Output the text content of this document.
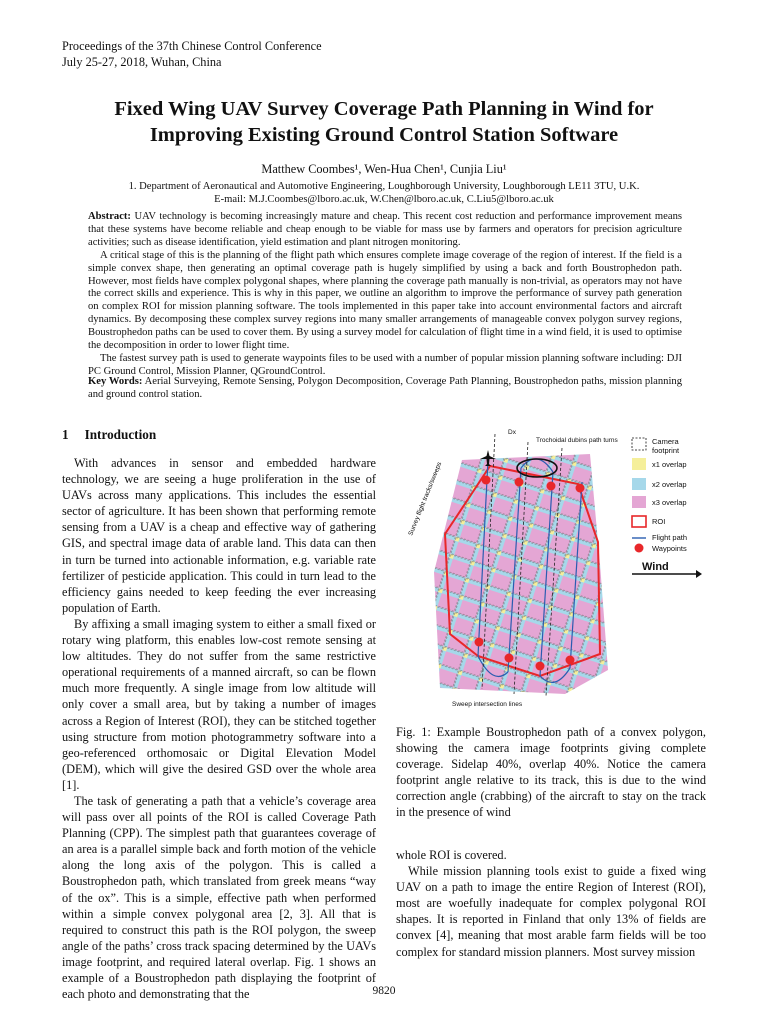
Proceedings of the 37th Chinese Control Conference
July 25-27, 2018, Wuhan, China
Fixed Wing UAV Survey Coverage Path Planning in Wind for
Improving Existing Ground Control Station Software
Matthew Coombes¹, Wen-Hua Chen¹, Cunjia Liu¹
1. Department of Aeronautical and Automotive Engineering, Loughborough University, Loughborough LE11 3TU, U.K.
E-mail: M.J.Coombes@lboro.ac.uk, W.Chen@lboro.ac.uk, C.Liu5@lboro.ac.uk

Abstract: UAV technology is becoming increasingly mature and cheap. This recent cost reduction and performance improvement means that these systems have become reliable and cheap enough to be viable for mass use by farmers and operators for precision agriculture activities; such as disease identification, yield estimation and plant nitrogen monitoring.

A critical stage of this is the planning of the flight path which ensures complete image coverage of the region of interest. If the field is a simple convex shape, then generating an optimal coverage path is hugely simplified by using a back and forth Boustrophedon path. However, most fields have complex polygonal shapes, where planning the coverage path manually is non-trivial, as operators may not have the correct skills and experience. This is why in this paper, we outline an algorithm to improve the performance of survey path generation on complex ROI for mission planning software. The tools implemented in this paper take into account environmental factors and aircraft dynamics. By decomposing these complex survey regions into many smaller arrangements of manageable convex polygon survey regions, Boustrophedon paths can be used to cover them. By using a survey model for calculation of flight time in a wind field, it is used to optimise the decomposition in order to lower flight time.

The fastest survey path is used to generate waypoints files to be used with a number of popular mission planning software including: DJI PC Ground Control, Mission Planner, QGroundControl.

Key Words: Aerial Surveying, Remote Sensing, Polygon Decomposition, Coverage Path Planning, Boustrophedon paths, mission planning and ground control station.
1 Introduction

With advances in sensor and embedded hardware technology, we are seeing a huge proliferation in the use of UAVs across many applications. This includes the essential sector of agriculture. It has been shown that performing remote sensing from a UAV is a cheap and effective way of gathering GIS, and spectral image data of arable land. This data can then in turn be turned into actionable information, e.g. variable rate fertilizer of pesticide application. This could in turn lead to the efficiency gains needed to keep feeding the ever increasing population of Earth.

By affixing a small imaging system to either a small fixed or rotary wing platform, this enables low-cost remote sensing at low altitudes. They do not suffer from the same restrictive operational requirements of a manned aircraft, so can be flown much more frequently. A single image from low altitude will only cover a small area, but by taking a number of images across a Region of Interest (ROI), they can be stitched together using structure from motion photogrammetry software into a geo-referenced orthomosaic or Digital Elevation Model (DEM), which will give the desired GSD over the whole area [1].

The task of generating a path that a vehicle’s coverage area will pass over all points of the ROI is called Coverage Path Planning (CPP). The simplest path that guarantees coverage of an area is a parallel simple back and forth motion of the vehicle along the long axis of the polygon. This is called a Boustrophedon path, which translated from greek means “way of the ox”. This is a simple, effective path when performed within a simple convex polygonal area [2, 3]. All that is required to construct this path is the ROI polygon, the sweep angle of the paths’ cross track spacing determined by the UAVs image footprint, and required lateral overlap. Fig. 1 shows an example of a Boustrophedon path displaying the footprint of each photo and demonstrating that the

Dx
Trochoidal dubins path turns
Survey flight tracks/sweeps
Sweep intersection lines
Camera
footprint
x1 overlap
x2 overlap
x3 overlap
ROI
Flight path
Waypoints
Wind
Fig. 1: Example Boustrophedon path of a convex polygon, showing the camera image footprints giving complete coverage. Sidelap 40%, overlap 40%. Notice the camera footprint angle relative to its track, this is due to the wind correction angle (crabbing) of the aircraft to stay on the track in the presence of wind

whole ROI is covered.

While mission planning tools exist to guide a fixed wing UAV on a path to image the entire Region of Interest (ROI), most are woefully inadequate for complex polygonal ROI shapes. It is reported in Finland that only 13% of fields are convex [4], meaning that most arable farm fields will be too complex for standard mission planners. Most survey mission

9820
